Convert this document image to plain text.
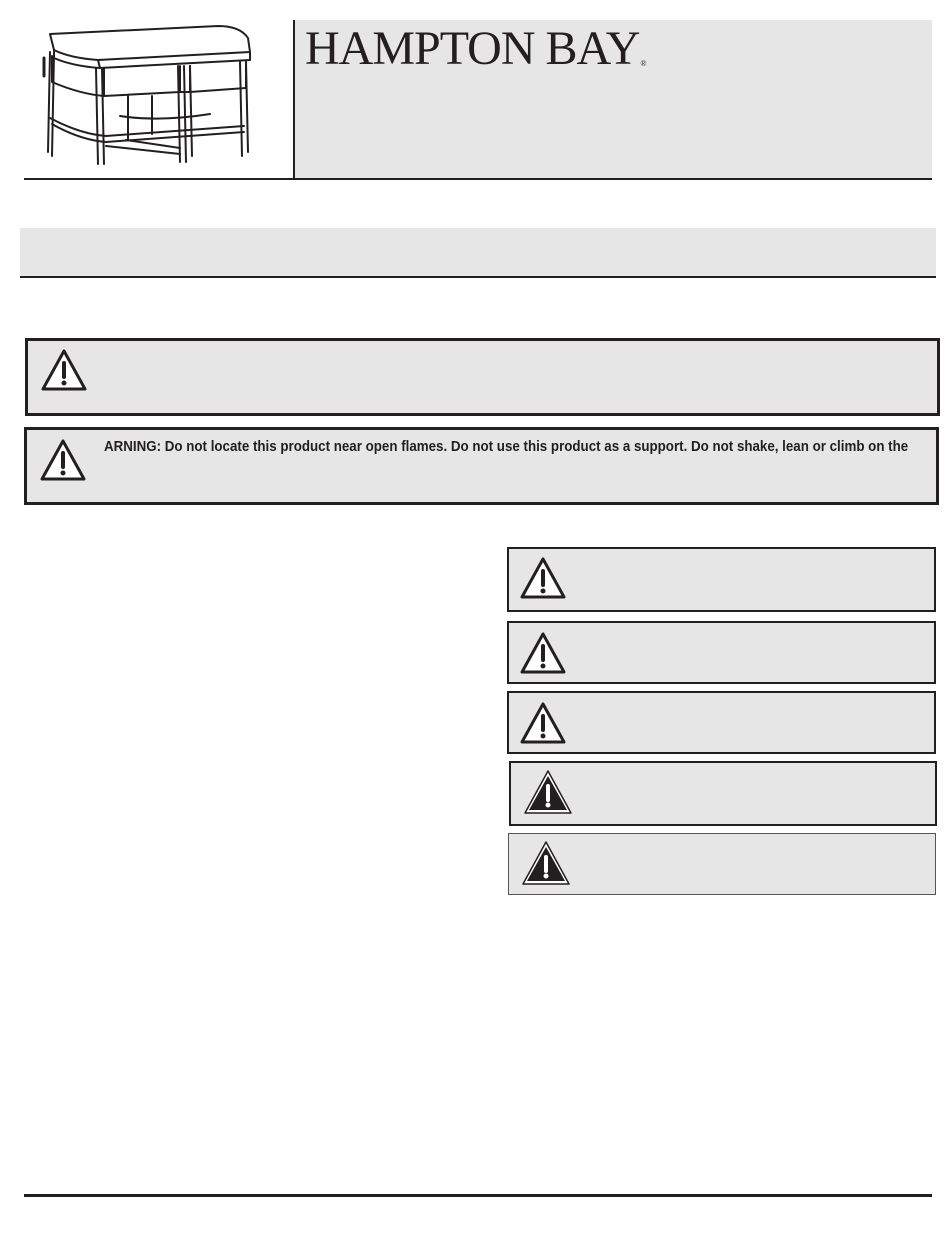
HAMPTON BAY®
ARNING: Do not locate this product near open flames. Do not use this product as a support. Do not shake, lean or climb on the
